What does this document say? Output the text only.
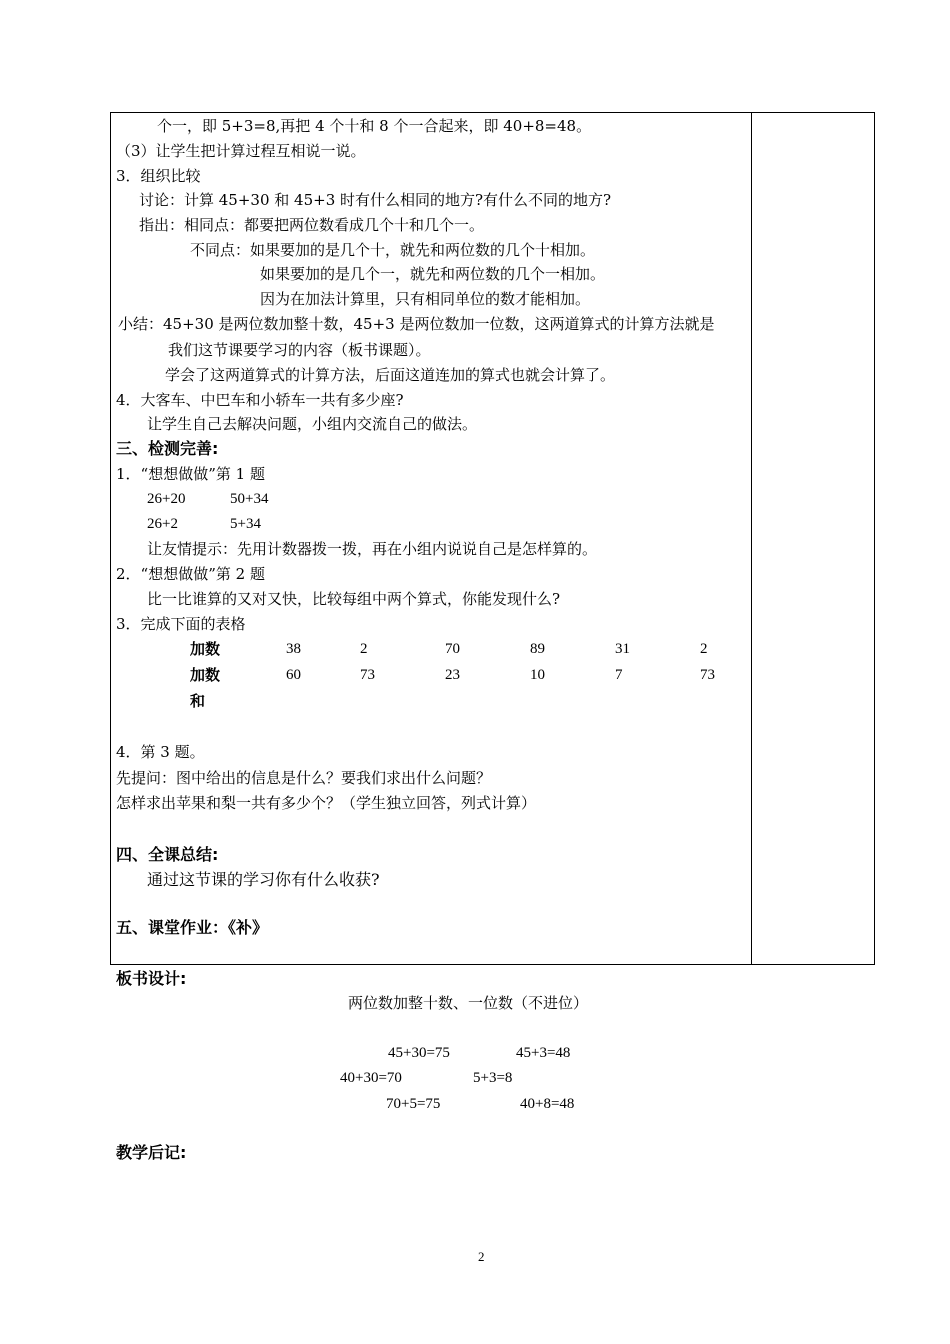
个一，即 5+3=8,再把 4 个十和 8 个一合起来，即 40+8=48。
（3）让学生把计算过程互相说一说。
3．组织比较
讨论：计算 45+30 和 45+3 时有什么相同的地方?有什么不同的地方?
指出：相同点：都要把两位数看成几个十和几个一。
不同点：如果要加的是几个十，就先和两位数的几个十相加。
如果要加的是几个一，就先和两位数的几个一相加。
因为在加法计算里，只有相同单位的数才能相加。
小结：45+30 是两位数加整十数，45+3 是两位数加一位数，这两道算式的计算方法就是
我们这节课要学习的内容（板书课题）。
学会了这两道算式的计算方法，后面这道连加的算式也就会计算了。
4．大客车、中巴车和小轿车一共有多少座?
让学生自己去解决问题，小组内交流自己的做法。
三、检测完善:
1．“想想做做”第 1 题
26+20	50+34
26+2	5+34
让友情提示：先用计数器拨一拨，再在小组内说说自己是怎样算的。
2．“想想做做”第 2 题
比一比谁算的又对又快，比较每组中两个算式，你能发现什么?
3．完成下面的表格
加数	38	2	70	89	31	2
加数	60	73	23	10	7	73
和
4．第 3 题。
先提问：图中给出的信息是什么？要我们求出什么问题？
怎样求出苹果和梨一共有多少个？（学生独立回答，列式计算）
四、全课总结:
通过这节课的学习你有什么收获?
五、课堂作业：《补》
板书设计:
两位数加整十数、一位数（不进位）
45+30=75	45+3=48
40+30=70	5+3=8
70+5=75	40+8=48
教学后记:
2
